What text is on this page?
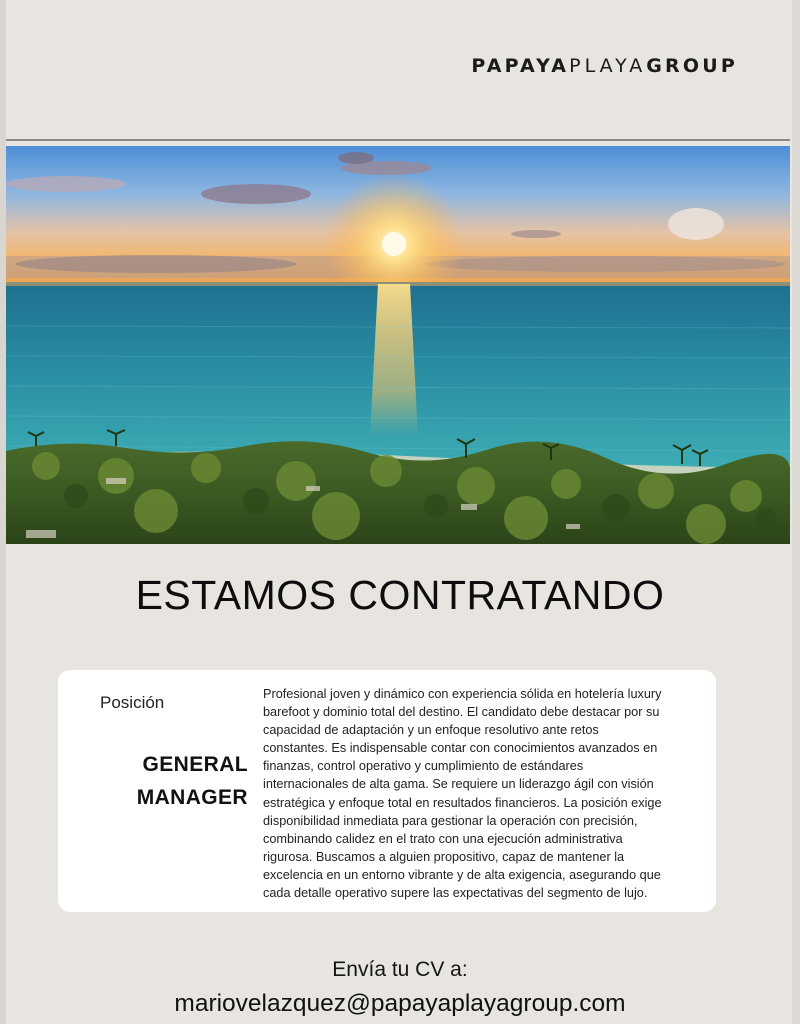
PAPAYAPLAYAGROUP
ESTAMOS CONTRATANDO
Posición
GENERAL
MANAGER
Profesional joven y dinámico con experiencia sólida en hotelería luxury
barefoot y dominio total del destino. El candidato debe destacar por su
capacidad de adaptación y un enfoque resolutivo ante retos
constantes. Es indispensable contar con conocimientos avanzados en
finanzas, control operativo y cumplimiento de estándares
internacionales de alta gama. Se requiere un liderazgo ágil con visión
estratégica y enfoque total en resultados financieros. La posición exige
disponibilidad inmediata para gestionar la operación con precisión,
combinando calidez en el trato con una ejecución administrativa
rigurosa. Buscamos a alguien propositivo, capaz de mantener la
excelencia en un entorno vibrante y de alta exigencia, asegurando que
cada detalle operativo supere las expectativas del segmento de lujo.
Envía tu CV a:
mariovelazquez@papayaplayagroup.com
